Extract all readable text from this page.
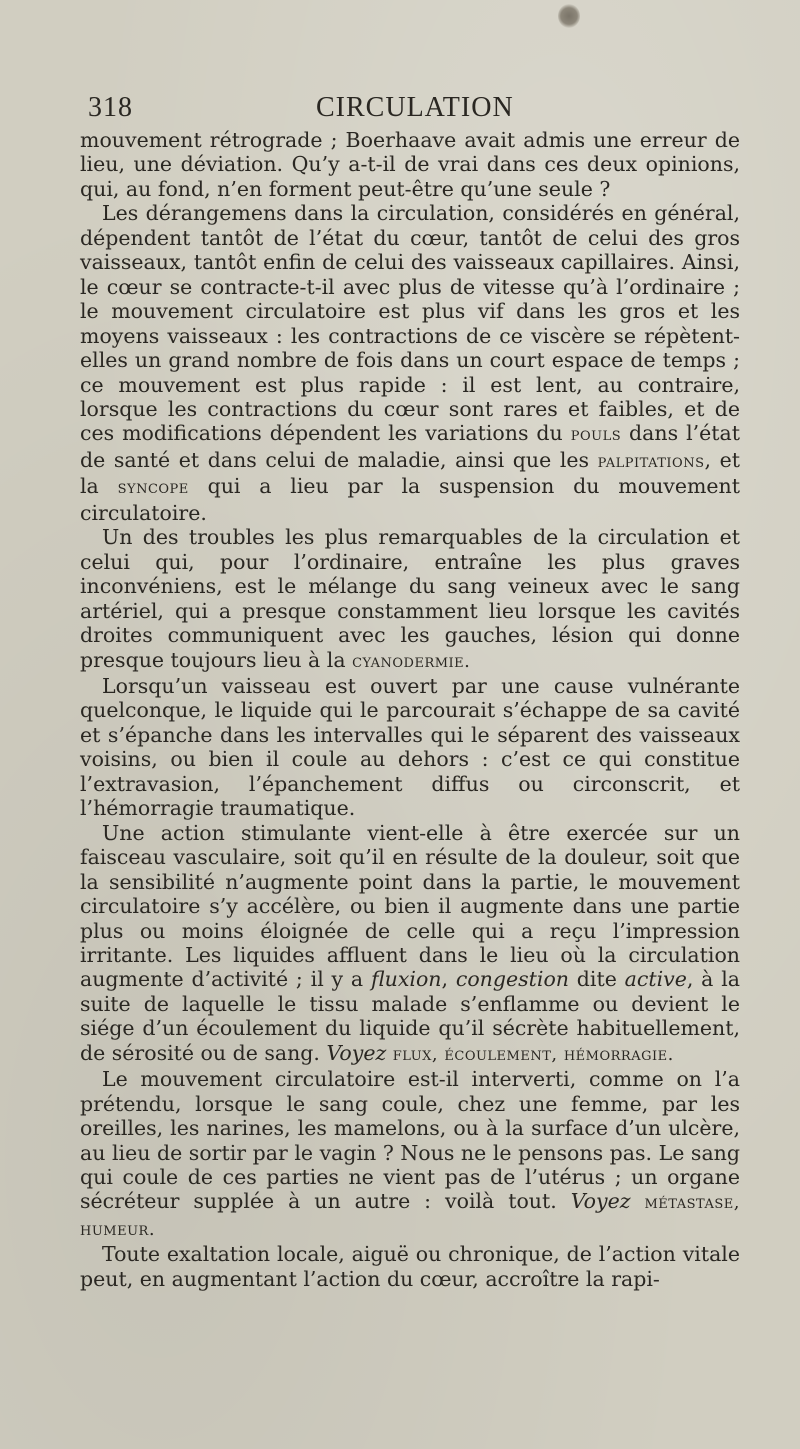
318	CIRCULATION

mouvement rétrograde ; Boerhaave avait admis une erreur de lieu, une déviation. Qu’y a-t-il de vrai dans ces deux opinions, qui, au fond, n’en forment peut-être qu’une seule ?

Les dérangemens dans la circulation, considérés en général, dépendent tantôt de l’état du cœur, tantôt de celui des gros vaisseaux, tantôt enfin de celui des vaisseaux capillaires. Ainsi, le cœur se contracte-t-il avec plus de vitesse qu’à l’ordinaire ; le mouvement circulatoire est plus vif dans les gros et les moyens vaisseaux : les contractions de ce viscère se répètent-elles un grand nombre de fois dans un court espace de temps ; ce mouvement est plus rapide : il est lent, au contraire, lorsque les contractions du cœur sont rares et faibles, et de ces modifications dépendent les variations du pouls dans l’état de santé et dans celui de maladie, ainsi que les palpitations, et la syncope qui a lieu par la suspension du mouvement circulatoire.

Un des troubles les plus remarquables de la circulation et celui qui, pour l’ordinaire, entraîne les plus graves inconvéniens, est le mélange du sang veineux avec le sang artériel, qui a presque constamment lieu lorsque les cavités droites communiquent avec les gauches, lésion qui donne presque toujours lieu à la cyanodermie.

Lorsqu’un vaisseau est ouvert par une cause vulnérante quelconque, le liquide qui le parcourait s’échappe de sa cavité et s’épanche dans les intervalles qui le séparent des vaisseaux voisins, ou bien il coule au dehors : c’est ce qui constitue l’extravasion, l’épanchement diffus ou circonscrit, et l’hémorragie traumatique.

Une action stimulante vient-elle à être exercée sur un faisceau vasculaire, soit qu’il en résulte de la douleur, soit que la sensibilité n’augmente point dans la partie, le mouvement circulatoire s’y accélère, ou bien il augmente dans une partie plus ou moins éloignée de celle qui a reçu l’impression irritante. Les liquides affluent dans le lieu où la circulation augmente d’activité ; il y a fluxion, congestion dite active, à la suite de laquelle le tissu malade s’enflamme ou devient le siége d’un écoulement du liquide qu’il sécrète habituellement, de sérosité ou de sang. Voyez flux, écoulement, hémorragie.

Le mouvement circulatoire est-il interverti, comme on l’a prétendu, lorsque le sang coule, chez une femme, par les oreilles, les narines, les mamelons, ou à la surface d’un ulcère, au lieu de sortir par le vagin ? Nous ne le pensons pas. Le sang qui coule de ces parties ne vient pas de l’utérus ; un organe sécréteur supplée à un autre : voilà tout. Voyez métastase, humeur.

Toute exaltation locale, aiguë ou chronique, de l’action vitale peut, en augmentant l’action du cœur, accroître la rapi-
